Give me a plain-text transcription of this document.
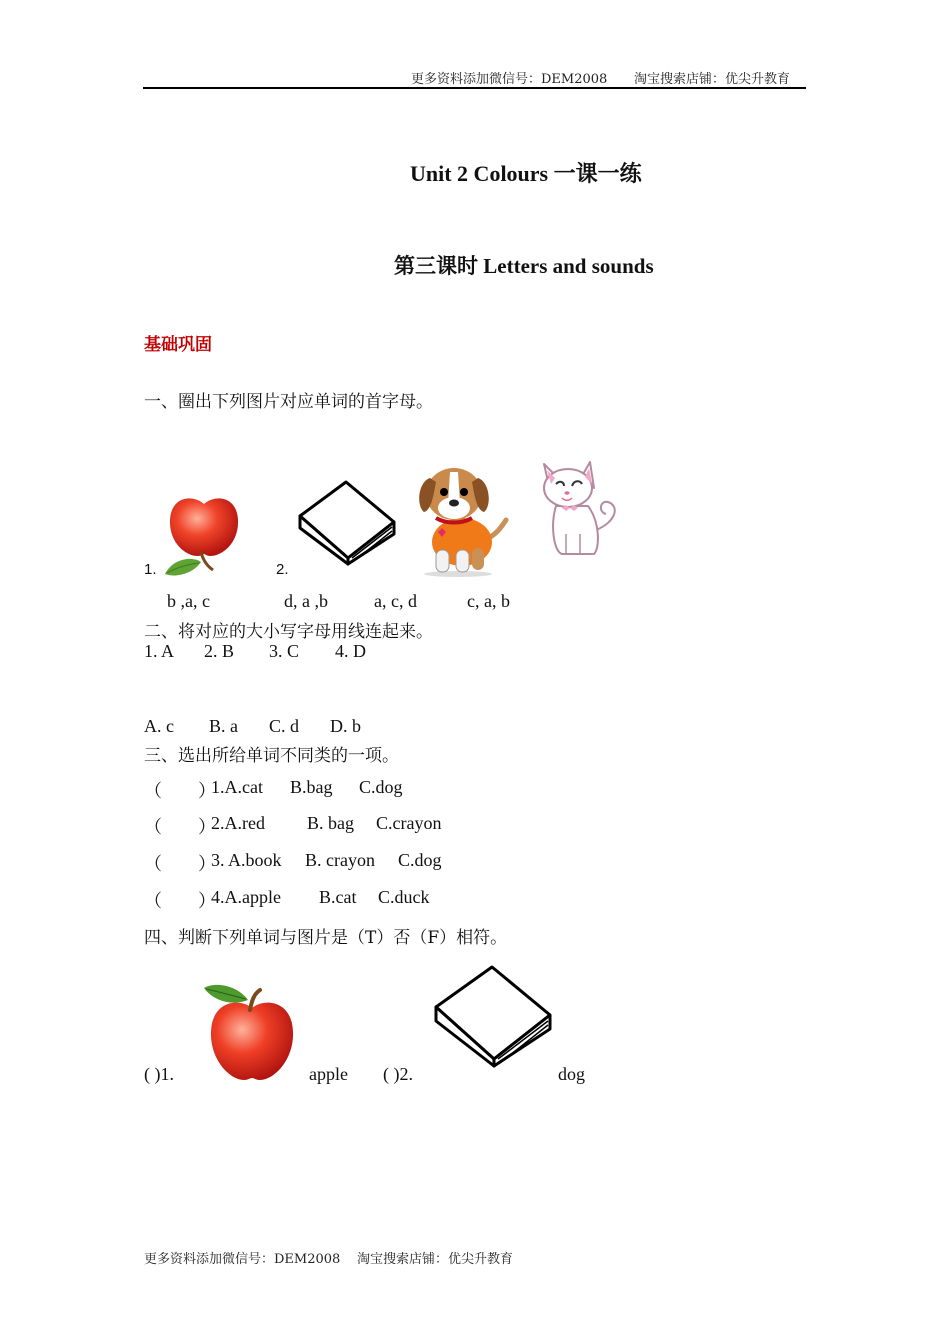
更多资料添加微信号：DEM2008 淘宝搜索店铺：优尖升教育
Unit 2 Colours 一课一练
第三课时 Letters and sounds
基础巩固
一、圈出下列图片对应单词的首字母。
1.	2.
b ,a, c	d, a ,b	a, c, d	c, a, b
二、将对应的大小写字母用线连起来。
1. A 2. B 3. C 4. D
A. c B. a C. d D. b
三、选出所给单词不同类的一项。
（　　）
1.A.cat B.bag C.dog
（　　）
2.A.red B. bag C.crayon
（　　）
3. A.book B. crayon C.dog
（　　）
4.A.apple B.cat C.duck
四、判断下列单词与图片是（T）否（F）相符。
( )1.	apple ( )2.	dog
更多资料添加微信号：DEM2008 淘宝搜索店铺：优尖升教育
